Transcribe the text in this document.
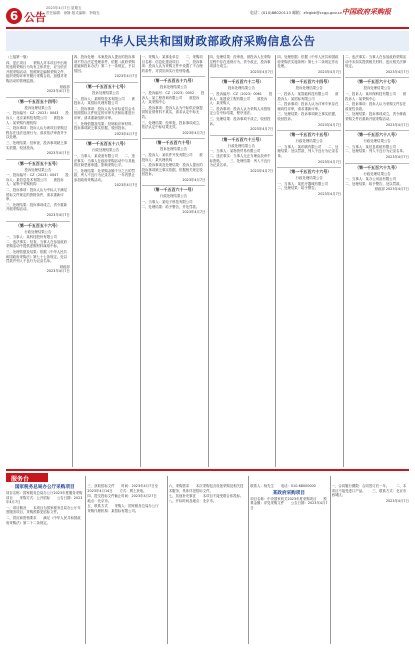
6 公告
2023年4月7日 星期五
责任编辑：徐静 版式编辑：李晓光	电话：(010)88020113 邮箱：zfcgbk@ccgp.gov.cn 中国政府采购报
中华人民共和国财政部政府采购信息公告

（上接第一版）

四、更正项目　　采购人对本项目中出现的违规采购行为负有主体责任，应当依法开展采购活动，按照规定编制采购文件、组织采购评审并履行采购合同，加强对采购活动的管理监督。

财政部
2023年4月7日
（第一千五百五十四号）
投诉处理结果公告

一、投诉编号：CZ（2023）0043　　投诉人：北京某科技有限公司　　被投诉人：某采购代理机构

二、投诉事项：投诉人认为该项目采购过程存在违法违规行为，请求依法审查并予以处理。

三、处理结果：经审查，投诉事项缺乏事实依据，驳回投诉。

2023年4月7日
（第一千五百五十五号）
投诉处理结果公告

一、投诉编号：CZ（2023）0047　　投诉人：某信息技术有限公司　　被投诉人：某集中采购机构

二、投诉事项：投诉人认为中标人不满足招标文件规定的资格条件，请求重新评审。

三、处理结果：投诉事项成立，责令重新开展采购活动。

2023年4月7日
（第一千五百五十六号）
行政处理结果公告

一、当事人：某科技股份有限公司　　二、违法事实：经查，当事人在参加政府采购活动中提供虚假材料谋取中标。

三、处理依据及结果：依据《中华人民共和国政府采购法》第七十七条规定，处以罚款并列入不良行为记录名单。

财政部
2023年4月7日

四、投诉处理：本案投诉人提出的投诉事项不符合法定受理条件，依据《政府采购质疑和投诉办法》第二十一条规定，予以驳回。

2023年4月7日
（第一千五百五十七号）
投诉处理结果公告

一、投诉人：某网络技术有限公司　　被投诉人：某招标代理有限公司

二、投诉事项：投诉人认为评标委员会未按照招标文件规定的评审方法和标准进行评审，请求重新组织评审。

三、处理依据及结果：经调取评审材料，投诉事项缺乏事实依据，驳回投诉。

2023年4月7日
（第一千五百五十八号）
行政处理结果公告

一、当事人：某设备有限公司　　二、违法事实：当事人在政府采购活动中与其他供应商恶意串通，影响采购公平。

三、处理结果：处采购金额千分之五的罚款，列入不良行为记录名单，一年内禁止参加政府采购活动。

2023年4月7日

一、采购人：某事业单位　　二、采购项目名称：信息化建设项目　　三、投诉事项：投诉人认为采购文件中设置了不合理的条件，对供应商实行差别待遇。

（第一千五百五十九号）
投诉处理结果公告

一、投诉编号：CZ（2023）0052　　投诉人：某工程咨询有限公司　　被投诉人：某采购中心

二、投诉事项：投诉人认为中标供应商提供的业绩材料不真实，请求认定中标无效。

三、处理结果：经审查，投诉事项成立，依法认定中标结果无效。

2023年4月7日
（第一千五百六十号）
投诉处理结果公告

一、投诉人：某软件开发有限公司　　被投诉人：某代理机构

二、投诉事项及处理结果：投诉人提出的投诉事项缺乏事实依据，依据相关规定驳回投诉。

2023年4月7日
（第一千五百六十一号）
行政处理结果公告

一、当事人：某电子科技有限公司　　二、处理结果：给予警告，并处罚款。

2023年4月7日

四、处理结果：经审查，被投诉人在采购过程中存在违规行为，责令改正，投诉事项部分成立。

2023年4月7日
（第一千五百六十二号）
投诉处理结果公告

一、投诉编号：CZ（2023）0061　　投诉人：某建设工程有限公司　　被投诉人：某采购人

二、投诉事项：投诉人认为采购人未按规定公告中标结果，程序违法。

三、处理结果：投诉事项不成立，驳回投诉。

2023年4月7日
（第一千五百六十三号）
行政处理结果公告

一、当事人：某物资贸易有限公司　　二、违法事实：当事人无正当理由放弃中标资格。　　三、处理结果：列入不良行为记录名单。

2023年4月7日

四、处理依据：依据《中华人民共和国政府采购法实施条例》第七十二条规定作出处理。

2023年4月7日
（第一千五百六十四号）
投诉处理结果公告

一、投诉人：某智能科技有限公司　　被投诉人：某招标有限公司

二、投诉事项：投诉人认为评审专家存在倾向性评审，请求重新评审。

三、处理结果：投诉事项缺乏事实依据，驳回投诉。

2023年4月7日
（第一千五百六十五号）
行政处理结果公告

一、当事人：某印刷有限公司　　二、处理结果：处以罚款，列入不良行为记录名单。

2023年4月7日
（第一千五百六十六号）
行政处理结果公告

一、当事人：某医疗器械有限公司　　二、处理结果：给予警告。

2023年4月7日

二、违法事实：当事人在参加政府采购活动中未如实提供相关材料，违反相关法律规定。

2023年4月7日
（第一千五百六十七号）
投诉处理结果公告

一、投诉人：某环保科技有限公司　　被投诉人：某采购中心

二、投诉事项：投诉人认为采购文件存在歧视性条款。

三、处理结果：投诉事项成立，责令修改采购文件后重新开展采购活动。

2023年4月7日
（第一千五百六十八号）
行政处理结果公告

一、当事人：某信息系统有限公司　　二、处理结果：列入不良行为记录名单。

2023年4月7日
（第一千五百六十九号）
行政处理结果公告

一、当事人：某办公用品有限公司　　二、处理结果：给予警告，处以罚款。

财政部 2023年4月7日
服务台
国家税务总局办公厅采购项目

项目名称：国家税务总局办公厅2023年度服务采购项目　　采购方式：公开招标　　公告日期：2023年4月7日

一、项目概况　　本项目为国家税务总局办公厅年度服务项目，采购预算见招标文件。

二、供应商资格要求　　满足《中华人民共和国政府采购法》第二十二条规定。

三、获取招标文件　　时间：2023年4月7日至2023年4月14日　　方式：网上获取。

四、提交投标文件截止时间：2023年4月27日　　地点：北京市。

五、联系方式　　采购人：国家税务总局办公厅　　采购代理机构：某招标有限公司。

六、采购需求　　本次采购包含设备采购及相关技术服务，具体详见招标文件。

七、其他补充事宜　　本项目不接受联合体投标。　　八、开标时间及地点：北京市。

联系人：杨先生　　电话：010-68000000

某政府采购项目

项目名称：中央国家机关2023年度采购项目　　预算金额：详见采购文件　　公告日期：2023年4月7日

一、合同履行期限：合同签订后一年。　　二、本项目不接受进口产品。　　三、联系方式：北京市西城区。

2023年4月7日
